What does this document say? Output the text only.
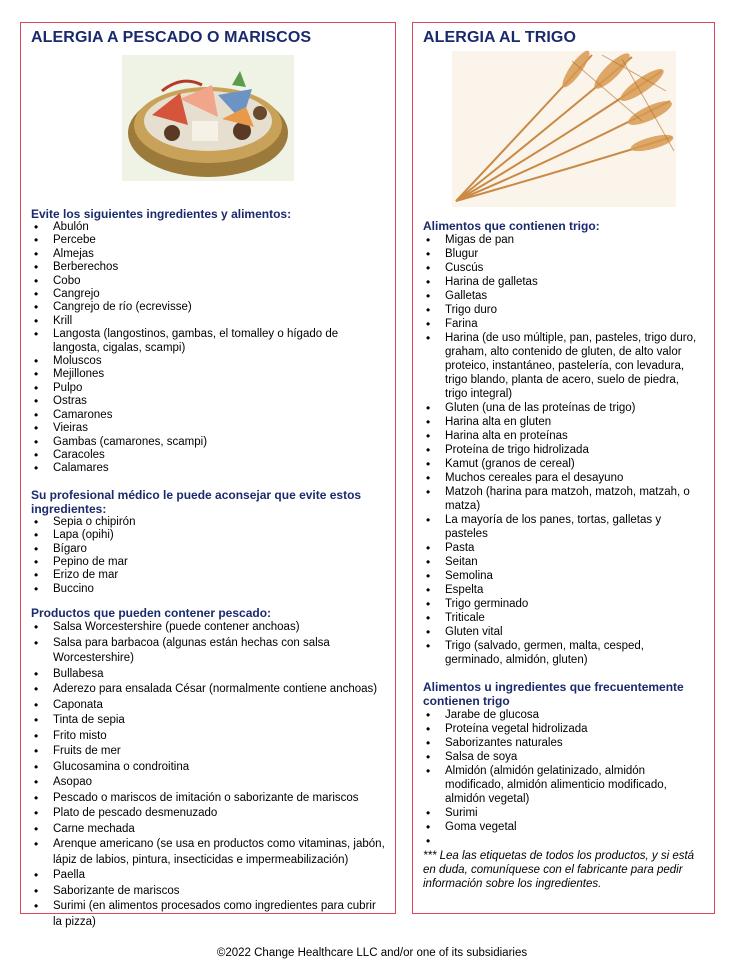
ALERGIA A PESCADO O MARISCOS
Evite los siguientes ingredientes y alimentos:
• Abulón
• Percebe
• Almejas
• Berberechos
• Cobo
• Cangrejo
• Cangrejo de río (ecrevisse)
• Krill
• Langosta (langostinos, gambas, el tomalley o hígado de langosta, cigalas, scampi)
• Moluscos
• Mejillones
• Pulpo
• Ostras
• Camarones
• Vieiras
• Gambas (camarones, scampi)
• Caracoles
• Calamares
Su profesional médico le puede aconsejar que evite estos ingredientes:
• Sepia o chipirón
• Lapa (opihi)
• Bígaro
• Pepino de mar
• Erizo de mar
• Buccino
Productos que pueden contener pescado:
• Salsa Worcestershire (puede contener anchoas)
• Salsa para barbacoa (algunas están hechas con salsa Worcestershire)
• Bullabesa
• Aderezo para ensalada César (normalmente contiene anchoas)
• Caponata
• Tinta de sepia
• Frito misto
• Fruits de mer
• Glucosamina o condroitina
• Asopao
• Pescado o mariscos de imitación o saborizante de mariscos
• Plato de pescado desmenuzado
• Carne mechada
• Arenque americano (se usa en productos como vitaminas, jabón, lápiz de labios, pintura, insecticidas e impermeabilización)
• Paella
• Saborizante de mariscos
• Surimi (en alimentos procesados como ingredientes para cubrir la pizza)
ALERGIA AL TRIGO
Alimentos que contienen trigo:
• Migas de pan
• Blugur
• Cuscús
• Harina de galletas
• Galletas
• Trigo duro
• Farina
• Harina (de uso múltiple, pan, pasteles, trigo duro, graham, alto contenido de gluten, de alto valor proteico, instantáneo, pastelería, con levadura, trigo blando, planta de acero, suelo de piedra, trigo integral)
• Gluten (una de las proteínas de trigo)
• Harina alta en gluten
• Harina alta en proteínas
• Proteína de trigo hidrolizada
• Kamut (granos de cereal)
• Muchos cereales para el desayuno
• Matzoh (harina para matzoh, matzoh, matzah, o matza)
• La mayoría de los panes, tortas, galletas y pasteles
• Pasta
• Seitan
• Semolina
• Espelta
• Trigo germinado
• Triticale
• Gluten vital
• Trigo (salvado, germen, malta, cesped, germinado, almidón, gluten)
Alimentos u ingredientes que frecuentemente contienen trigo
• Jarabe de glucosa
• Proteína vegetal hidrolizada
• Saborizantes naturales
• Salsa de soya
• Almidón (almidón gelatinizado, almidón modificado, almidón alimenticio modificado, almidón vegetal)
• Surimi
• Goma vegetal
•
*** Lea las etiquetas de todos los productos, y si está en duda, comuníquese con el fabricante para pedir información sobre los ingredientes.
©2022 Change Healthcare LLC and/or one of its subsidiaries
